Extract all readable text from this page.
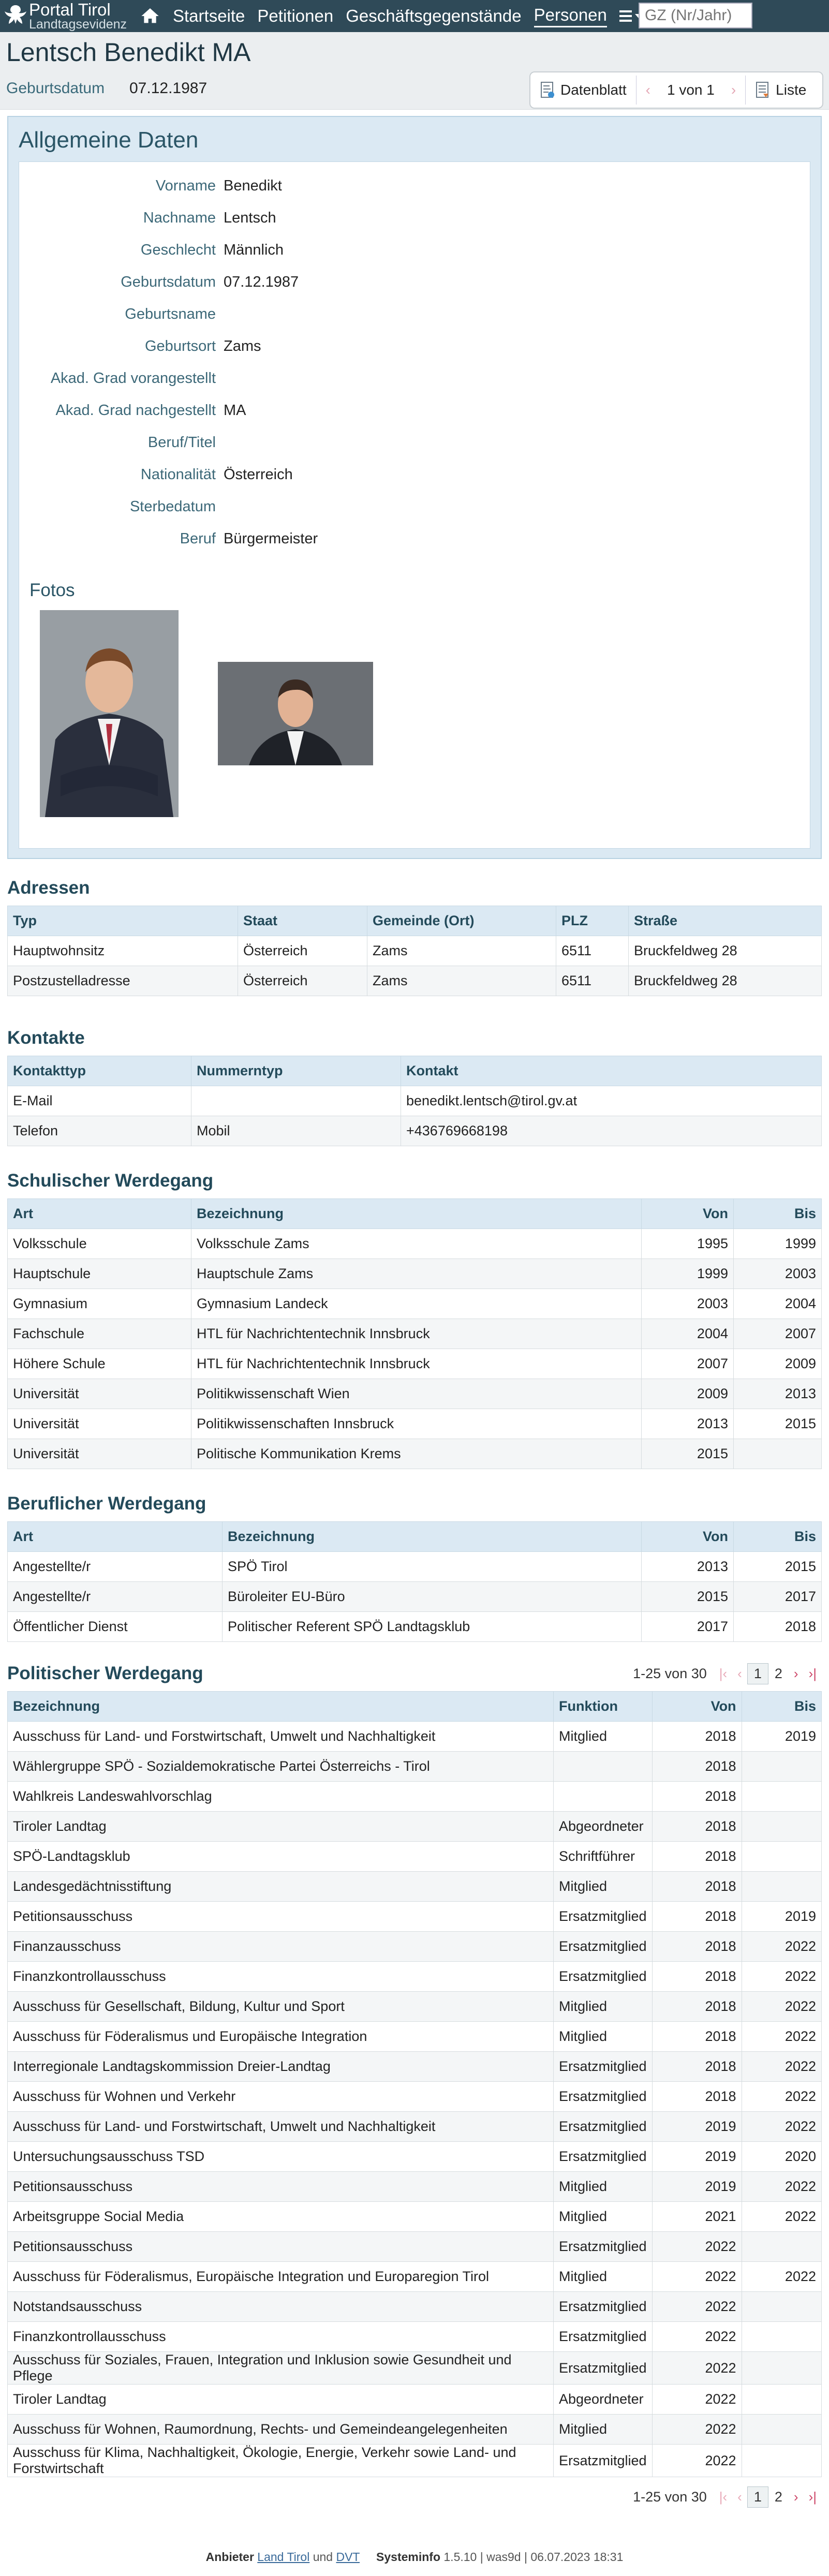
Portal Tirol
Landtagsevidenz	Startseite Petitionen Geschäftsgegenstände Personen
GZ (Nr/Jahr)
Lentsch Benedikt MA
Geburtsdatum 07.12.1987	Datenblatt	‹	1 von 1	›	Liste
Allgemeine Daten
Vorname Benedikt
Nachname Lentsch
Geschlecht Männlich
Geburtsdatum 07.12.1987
Geburtsname
Geburtsort Zams
Akad. Grad vorangestellt
Akad. Grad nachgestellt MA
Beruf/Titel
Nationalität Österreich
Sterbedatum
Beruf Bürgermeister
Fotos
Adressen
Typ	Staat	Gemeinde (Ort)	PLZ	Straße
Hauptwohnsitz	Österreich	Zams	6511	Bruckfeldweg 28
Postzustelladresse	Österreich	Zams	6511	Bruckfeldweg 28
Kontakte
Kontakttyp	Nummerntyp	Kontakt
E-Mail		benedikt.lentsch@tirol.gv.at
Telefon	Mobil	+436769668198
Schulischer Werdegang
Art	Bezeichnung	Von	Bis
Volksschule	Volksschule Zams	1995	1999
Hauptschule	Hauptschule Zams	1999	2003
Gymnasium	Gymnasium Landeck	2003	2004
Fachschule	HTL für Nachrichtentechnik Innsbruck	2004	2007
Höhere Schule	HTL für Nachrichtentechnik Innsbruck	2007	2009
Universität	Politikwissenschaft Wien	2009	2013
Universität	Politikwissenschaften Innsbruck	2013	2015
Universität	Politische Kommunikation Krems	2015	
Beruflicher Werdegang
Art	Bezeichnung	Von	Bis
Angestellte/r	SPÖ Tirol	2013	2015
Angestellte/r	Büroleiter EU-Büro	2015	2017
Öffentlicher Dienst	Politischer Referent SPÖ Landtagsklub	2017	2018
Politischer Werdegang	1-25 von 30 |‹ ‹ 1 2 › ›|
Bezeichnung	Funktion	Von	Bis
Ausschuss für Land- und Forstwirtschaft, Umwelt und Nachhaltigkeit	Mitglied	2018	2019
Wählergruppe SPÖ - Sozialdemokratische Partei Österreichs - Tirol		2018	
Wahlkreis Landeswahlvorschlag		2018	
Tiroler Landtag	Abgeordneter	2018	
SPÖ-Landtagsklub	Schriftführer	2018	
Landesgedächtnisstiftung	Mitglied	2018	
Petitionsausschuss	Ersatzmitglied	2018	2019
Finanzausschuss	Ersatzmitglied	2018	2022
Finanzkontrollausschuss	Ersatzmitglied	2018	2022
Ausschuss für Gesellschaft, Bildung, Kultur und Sport	Mitglied	2018	2022
Ausschuss für Föderalismus und Europäische Integration	Mitglied	2018	2022
Interregionale Landtagskommission Dreier-Landtag	Ersatzmitglied	2018	2022
Ausschuss für Wohnen und Verkehr	Ersatzmitglied	2018	2022
Ausschuss für Land- und Forstwirtschaft, Umwelt und Nachhaltigkeit	Ersatzmitglied	2019	2022
Untersuchungsausschuss TSD	Ersatzmitglied	2019	2020
Petitionsausschuss	Mitglied	2019	2022
Arbeitsgruppe Social Media	Mitglied	2021	2022
Petitionsausschuss	Ersatzmitglied	2022	
Ausschuss für Föderalismus, Europäische Integration und Europaregion Tirol	Mitglied	2022	2022
Notstandsausschuss	Ersatzmitglied	2022	
Finanzkontrollausschuss	Ersatzmitglied	2022	
Ausschuss für Soziales, Frauen, Integration und Inklusion sowie Gesundheit und Pflege	Ersatzmitglied	2022	
Tiroler Landtag	Abgeordneter	2022	
Ausschuss für Wohnen, Raumordnung, Rechts- und Gemeindeangelegenheiten	Mitglied	2022	
Ausschuss für Klima, Nachhaltigkeit, Ökologie, Energie, Verkehr sowie Land- und Forstwirtschaft	Ersatzmitglied	2022	
1-25 von 30 |‹ ‹ 1 2 › ›|
Anbieter Land Tirol und DVT Systeminfo 1.5.10 | was9d | 06.07.2023 18:31
